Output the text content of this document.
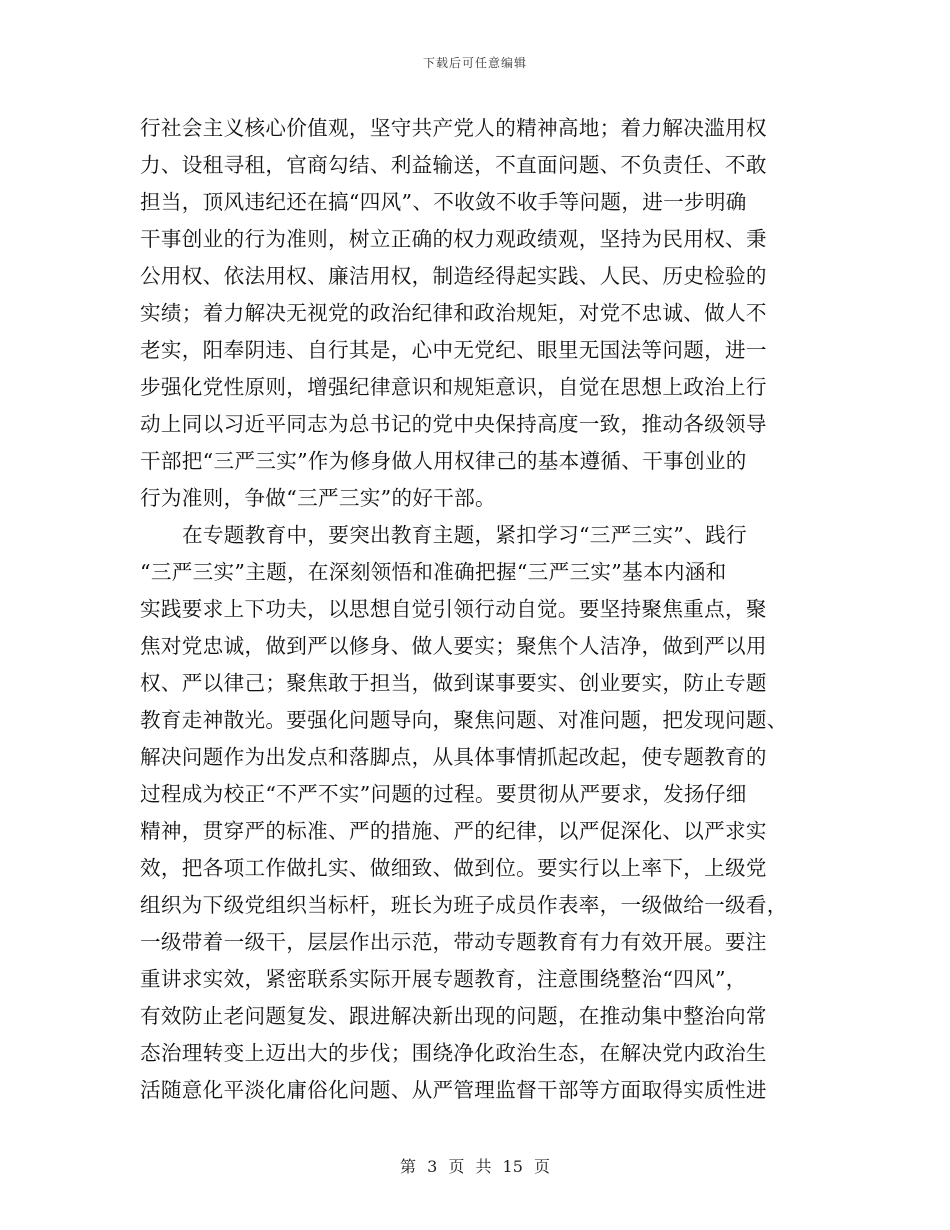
下载后可任意编辑
行社会主义核心价值观，坚守共产党人的精神高地；着力解决滥用权
力、设租寻租，官商勾结、利益输送，不直面问题、不负责任、不敢
担当，顶风违纪还在搞“四风”、不收敛不收手等问题，进一步明确
干事创业的行为准则，树立正确的权力观政绩观，坚持为民用权、秉
公用权、依法用权、廉洁用权，制造经得起实践、人民、历史检验的
实绩；着力解决无视党的政治纪律和政治规矩，对党不忠诚、做人不
老实，阳奉阴违、自行其是，心中无党纪、眼里无国法等问题，进一
步强化党性原则，增强纪律意识和规矩意识，自觉在思想上政治上行
动上同以习近平同志为总书记的党中央保持高度一致，推动各级领导
干部把“三严三实”作为修身做人用权律己的基本遵循、干事创业的
行为准则，争做“三严三实”的好干部。
在专题教育中，要突出教育主题，紧扣学习“三严三实”、践行
“三严三实”主题，在深刻领悟和准确把握“三严三实”基本内涵和
实践要求上下功夫，以思想自觉引领行动自觉。要坚持聚焦重点，聚
焦对党忠诚，做到严以修身、做人要实；聚焦个人洁净，做到严以用
权、严以律己；聚焦敢于担当，做到谋事要实、创业要实，防止专题
教育走神散光。要强化问题导向，聚焦问题、对准问题，把发现问题、
解决问题作为出发点和落脚点，从具体事情抓起改起，使专题教育的
过程成为校正“不严不实”问题的过程。要贯彻从严要求，发扬仔细
精神，贯穿严的标准、严的措施、严的纪律，以严促深化、以严求实
效，把各项工作做扎实、做细致、做到位。要实行以上率下，上级党
组织为下级党组织当标杆，班长为班子成员作表率，一级做给一级看，
一级带着一级干，层层作出示范，带动专题教育有力有效开展。要注
重讲求实效，紧密联系实际开展专题教育，注意围绕整治“四风”，
有效防止老问题复发、跟进解决新出现的问题，在推动集中整治向常
态治理转变上迈出大的步伐；围绕净化政治生态，在解决党内政治生
活随意化平淡化庸俗化问题、从严管理监督干部等方面取得实质性进
第 3 页 共 15 页
